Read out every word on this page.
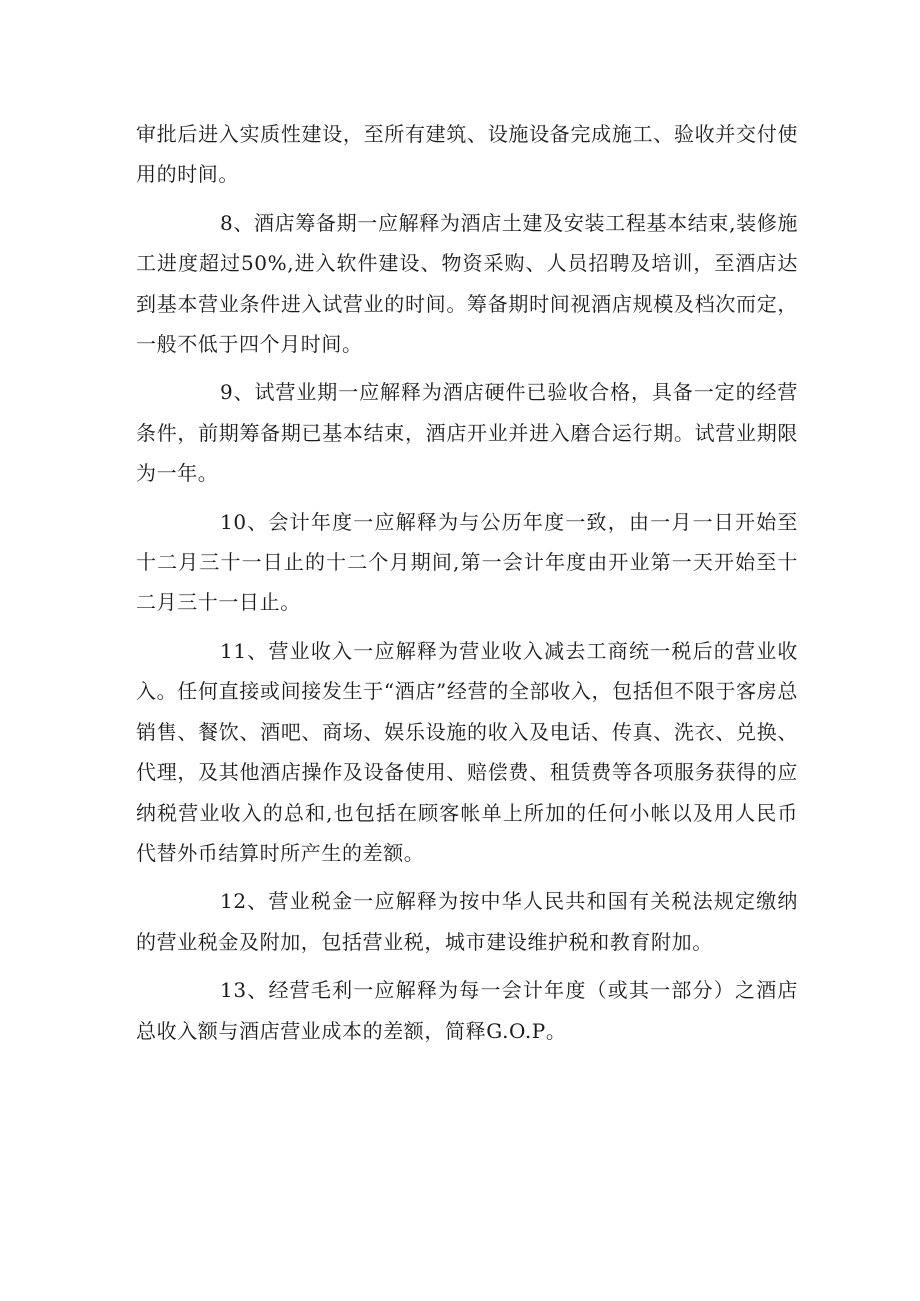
审批后进入实质性建设，至所有建筑、设施设备完成施工、验收并交付使用的时间。

8、酒店筹备期一应解释为酒店土建及安装工程基本结束,装修施工进度超过50%,进入软件建设、物资采购、人员招聘及培训，至酒店达到基本营业条件进入试营业的时间。筹备期时间视酒店规模及档次而定，一般不低于四个月时间。

9、试营业期一应解释为酒店硬件已验收合格，具备一定的经营条件，前期筹备期已基本结束，酒店开业并进入磨合运行期。试营业期限为一年。

10、会计年度一应解释为与公历年度一致，由一月一日开始至十二月三十一日止的十二个月期间,第一会计年度由开业第一天开始至十二月三十一日止。

11、营业收入一应解释为营业收入减去工商统一税后的营业收入。任何直接或间接发生于“酒店”经营的全部收入，包括但不限于客房总销售、餐饮、酒吧、商场、娱乐设施的收入及电话、传真、洗衣、兑换、代理，及其他酒店操作及设备使用、赔偿费、租赁费等各项服务获得的应纳税营业收入的总和,也包括在顾客帐单上所加的任何小帐以及用人民币代替外币结算时所产生的差额。

12、营业税金一应解释为按中华人民共和国有关税法规定缴纳的营业税金及附加，包括营业税，城市建设维护税和教育附加。

13、经营毛利一应解释为每一会计年度（或其一部分）之酒店总收入额与酒店营业成本的差额，简释G.O.P。
